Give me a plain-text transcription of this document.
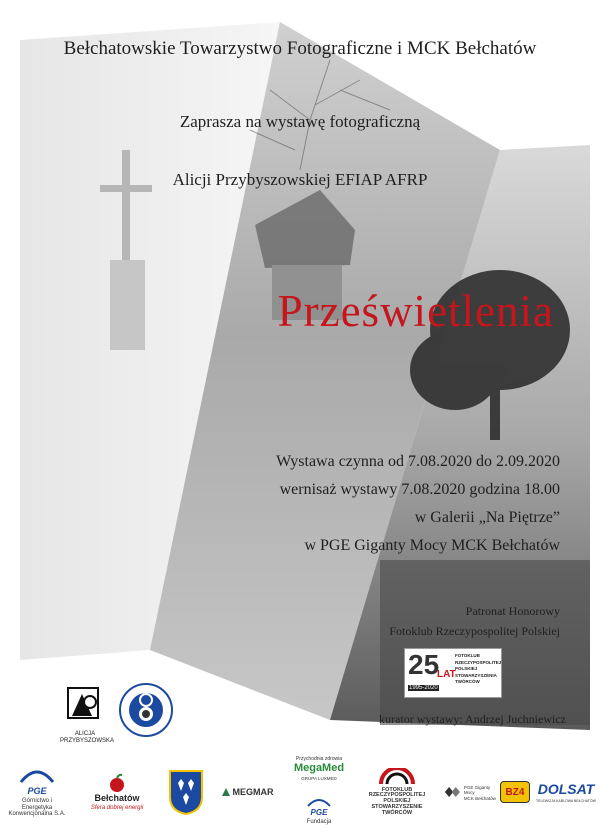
Bełchatowskie Towarzystwo Fotograficzne i MCK Bełchatów
Zaprasza na wystawę fotograficzną
Alicji Przybyszowskiej EFIAP AFRP
Prześwietlenia
Wystawa czynna od 7.08.2020 do 2.09.2020
wernisaż wystawy 7.08.2020 godzina 18.00
w Galerii „Na Piętrze”
w PGE Giganty Mocy MCK Bełchatów
Patronat Honorowy
Fotoklub Rzeczypospolitej Polskiej
25
LAT
1995-2020
FOTOKLUB
RZECZYPOSPOLITEJ
POLSKIEJ
STOWARZYSZENIA
TWÓRCÓW
kurator wystawy: Andrzej Juchniewicz
ALICJA
PRZYBYSZOWSKA
PGE
Górnictwo i Energetyka
Konwencjonalna S.A.
Bełchatów
Sfera dobrej energii
MEGMAR
Przychodnia zdrowia
MegaMed
GRUPA LUXMED
PGE
Fundacja
FOTOKLUB
RZECZYPOSPOLITEJ
POLSKIEJ
STOWARZYSZENIE
TWÓRCÓW
PGE Giganty Mocy
MCK Bełchatów
BZ4 DOLSAT
TELEWIZJA KABLOWA BEŁCHATÓW
